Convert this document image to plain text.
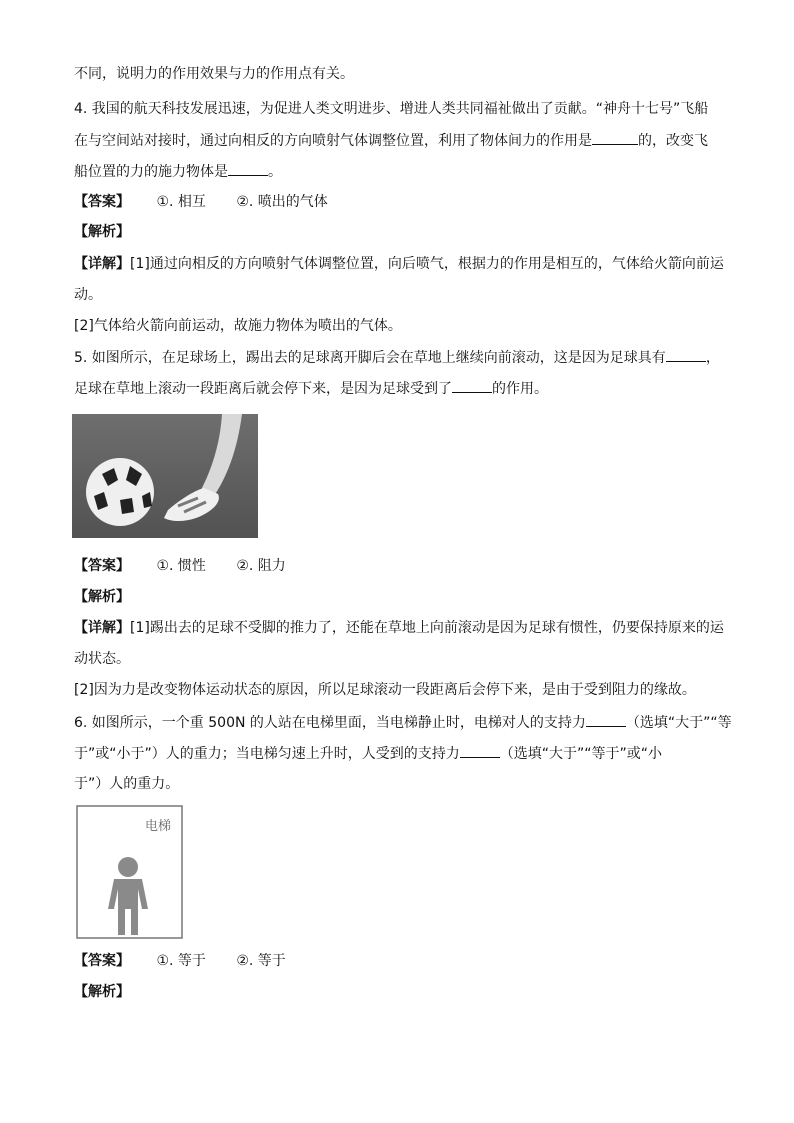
不同，说明力的作用效果与力的作用点有关。
4. 我国的航天科技发展迅速，为促进人类文明进步、增进人类共同福祉做出了贡献。“神舟十七号”飞船
在与空间站对接时，通过向相反的方向喷射气体调整位置，利用了物体间力的作用是	的，改变飞
船位置的力的施力物体是	。
【答案】 ①. 相互 ②. 喷出的气体
【解析】
【详解】[1]通过向相反的方向喷射气体调整位置，向后喷气，根据力的作用是相互的，气体给火箭向前运
动。
[2]气体给火箭向前运动，故施力物体为喷出的气体。
5. 如图所示，在足球场上，踢出去的足球离开脚后会在草地上继续向前滚动，这是因为足球具有	，
足球在草地上滚动一段距离后就会停下来，是因为足球受到了	的作用。
【答案】 ①. 惯性 ②. 阻力
【解析】
【详解】[1]踢出去的足球不受脚的推力了，还能在草地上向前滚动是因为足球有惯性，仍要保持原来的运
动状态。
[2]因为力是改变物体运动状态的原因，所以足球滚动一段距离后会停下来，是由于受到阻力的缘故。
6. 如图所示，一个重 500N 的人站在电梯里面，当电梯静止时，电梯对人的支持力	（选填“大于”“等
于”或“小于”）人的重力；当电梯匀速上升时，人受到的支持力	（选填“大于”“等于”或“小
于”）人的重力。
电梯
【答案】 ①. 等于 ②. 等于
【解析】
